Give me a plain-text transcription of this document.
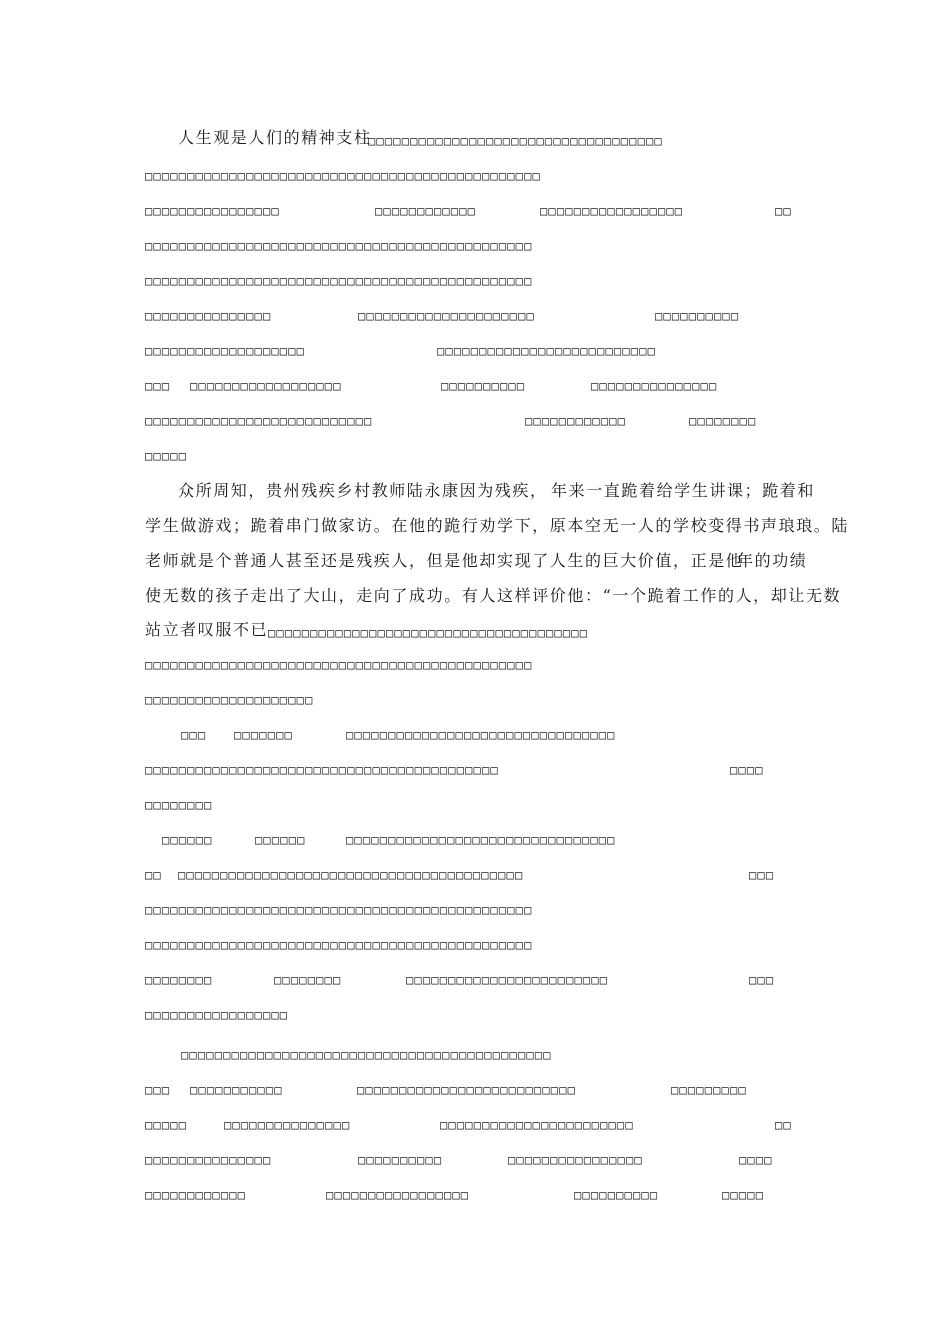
人生观是人们的精神支柱
□□□□□□□□□□□□□□□□□□□□□□□□□□□□□□□□□□□
□□□□□□□□□□□□□□□□□□□□□□□□□□□□□□□□□□□□□□□□□□□□□□□
□□□□□□□□□□□□□□□□	□□□□□□□□□□□□	□□□□□□□□□□□□□□□□□	□□
□□□□□□□□□□□□□□□□□□□□□□□□□□□□□□□□□□□□□□□□□□□□□□
□□□□□□□□□□□□□□□□□□□□□□□□□□□□□□□□□□□□□□□□□□□□□□
□□□□□□□□□□□□□□□	□□□□□□□□□□□□□□□□□□□□□	□□□□□□□□□□
□□□□□□□□□□□□□□□□□□□	□□□□□□□□□□□□□□□□□□□□□□□□□□
□□□ □□□□□□□□□□□□□□□□□□	□□□□□□□□□□	□□□□□□□□□□□□□□□
□□□□□□□□□□□□□□□□□□□□□□□□□□□	□□□□□□□□□□□□	□□□□□□□□
□□□□□
众所周知，贵州残疾乡村教师陆永康因为残疾， 年来一直跪着给学生讲课；跪着和
学生做游戏；跪着串门做家访。在他的跪行劝学下，原本空无一人的学校变得书声琅琅。陆
老师就是个普通人甚至还是残疾人，但是他却实现了人生的巨大价值，正是他
年的功绩
使无数的孩子走出了大山，走向了成功。有人这样评价他：“一个跪着工作的人，却让无数
站立者叹服不已 □□□□□□□□□□□□□□□□□□□□□□□□□□□□□□□□□□□□□□
□□□□□□□□□□□□□□□□□□□□□□□□□□□□□□□□□□□□□□□□□□□□□□
□□□□□□□□□□□□□□□□□□□□
□□□ □□□□□□□	□□□□□□□□□□□□□□□□□□□□□□□□□□□□□□□□
□□□□□□□□□□□□□□□□□□□□□□□□□□□□□□□□□□□□□□□□□□	□□□□
□□□□□□□□
□□□□□□	□□□□□□	□□□□□□□□□□□□□□□□□□□□□□□□□□□□□□□□
□□ □□□□□□□□□□□□□□□□□□□□□□□□□□□□□□□□□□□□□□□□□	□□□
□□□□□□□□□□□□□□□□□□□□□□□□□□□□□□□□□□□□□□□□□□□□□□
□□□□□□□□□□□□□□□□□□□□□□□□□□□□□□□□□□□□□□□□□□□□□□
□□□□□□□□	□□□□□□□□	□□□□□□□□□□□□□□□□□□□□□□□□	□□□
□□□□□□□□□□□□□□□□□
□□□□□□□□□□□□□□□□□□□□□□□□□□□□□□□□□□□□□□□□□□□□
□□□ □□□□□□□□□□□	□□□□□□□□□□□□□□□□□□□□□□□□□□	□□□□□□□□□
□□□□□	□□□□□□□□□□□□□□□	□□□□□□□□□□□□□□□□□□□□□□□	□□
□□□□□□□□□□□□□□□	□□□□□□□□□□	□□□□□□□□□□□□□□□□	□□□□
□□□□□□□□□□□□	□□□□□□□□□□□□□□□□□	□□□□□□□□□□	□□□□□
